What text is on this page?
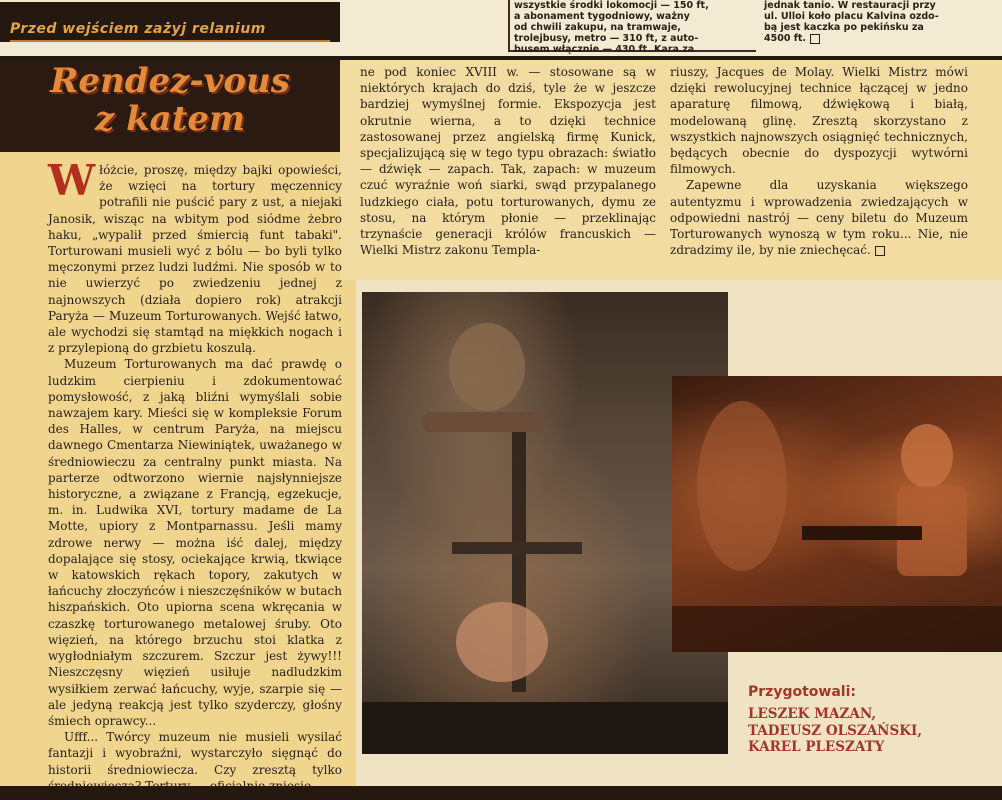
Przed wejściem zażyj relanium
wszystkie środki lokomocji — 150 ft,
a abonament tygodniowy, ważny
od chwili zakupu, na tramwaje,
trolejbusy, metro — 310 ft, z auto-
busem włącznie — 430 ft. Kara za
jednak tanio. W restauracji przy
ul. Ulloi koło placu Kalvina ozdo-
bą jest kaczka po pekińsku za
4500 ft.
Rendez-vous
z katem

Włóżcie, proszę, między bajki opowieści, że wzięci na tortury męczennicy potrafili nie puścić pary z ust, a niejaki Janosik, wisząc na wbitym pod siódme żebro haku, „wypalił przed śmiercią funt tabaki". Torturowani musieli wyć z bólu — bo byli tylko męczonymi przez ludzi ludźmi. Nie sposób w to nie uwierzyć po zwiedzeniu jednej z najnowszych (działa dopiero rok) atrakcji Paryża — Muzeum Torturowanych. Wejść łatwo, ale wychodzi się stamtąd na miękkich nogach i z przylepioną do grzbietu koszulą.

Muzeum Torturowanych ma dać prawdę o ludzkim cierpieniu i zdokumentować pomysłowość, z jaką bliźni wymyślali sobie nawzajem kary. Mieści się w kompleksie Forum des Halles, w centrum Paryża, na miejscu dawnego Cmentarza Niewiniątek, uważanego w średniowieczu za centralny punkt miasta. Na parterze odtworzono wiernie najsłynniejsze historyczne, a związane z Francją, egzekucje, m. in. Ludwika XVI, tortury madame de La Motte, upiory z Montparnassu. Jeśli mamy zdrowe nerwy — można iść dalej, między dopalające się stosy, ociekające krwią, tkwiące w katowskich rękach topory, zakutych w łańcuchy złoczyńców i nieszczęśników w butach hiszpańskich. Oto upiorna scena wkręcania w czaszkę torturowanego metalowej śruby. Oto więzień, na którego brzuchu stoi klatka z wygłodniałym szczurem. Szczur jest żywy!!! Nieszczęsny więzień usiłuje nadludzkim wysiłkiem zerwać łańcuchy, wyje, szarpie się — ale jedyną reakcją jest tylko szyderczy, głośny śmiech oprawcy...

Ufff... Twórcy muzeum nie musieli wysilać fantazji i wyobraźni, wystarczyło sięgnąć do historii średniowiecza. Czy zresztą tylko

ne pod koniec XVIII w. — stosowane są w niektórych krajach do dziś, tyle że w jeszcze bardziej wymyślnej formie. Ekspozycja jest okrutnie wierna, a to dzięki technice zastosowanej przez angielską firmę Kunick, specjalizującą się w tego typu obrazach: światło — dźwięk — zapach. Tak, zapach: w muzeum czuć wyraźnie woń siarki, swąd przypalanego ludzkiego ciała, potu torturowanych, dymu ze stosu, na którym płonie — przeklinając trzynaście generacji królów francuskich — Wielki Mistrz zakonu Templa-

riuszy, Jacques de Molay. Wielki Mistrz mówi dzięki rewolucyjnej technice łączącej w jedno aparaturę filmową, dźwiękową i białą, modelowaną glinę. Zresztą skorzystano z wszystkich najnowszych osiągnięć technicznych, będących obecnie do dyspozycji wytwórni filmowych.

Zapewne dla uzyskania większego autentyzmu i wprowadzenia zwiedzających w odpowiedni nastrój — ceny biletu do Muzeum Torturowanych wynoszą w tym roku... Nie, nie zdradzimy ile, by nie zniechęcać.

Przygotowali:
LESZEK MAZAN,
TADEUSZ OLSZAŃSKI,
KAREL PLESZATY
